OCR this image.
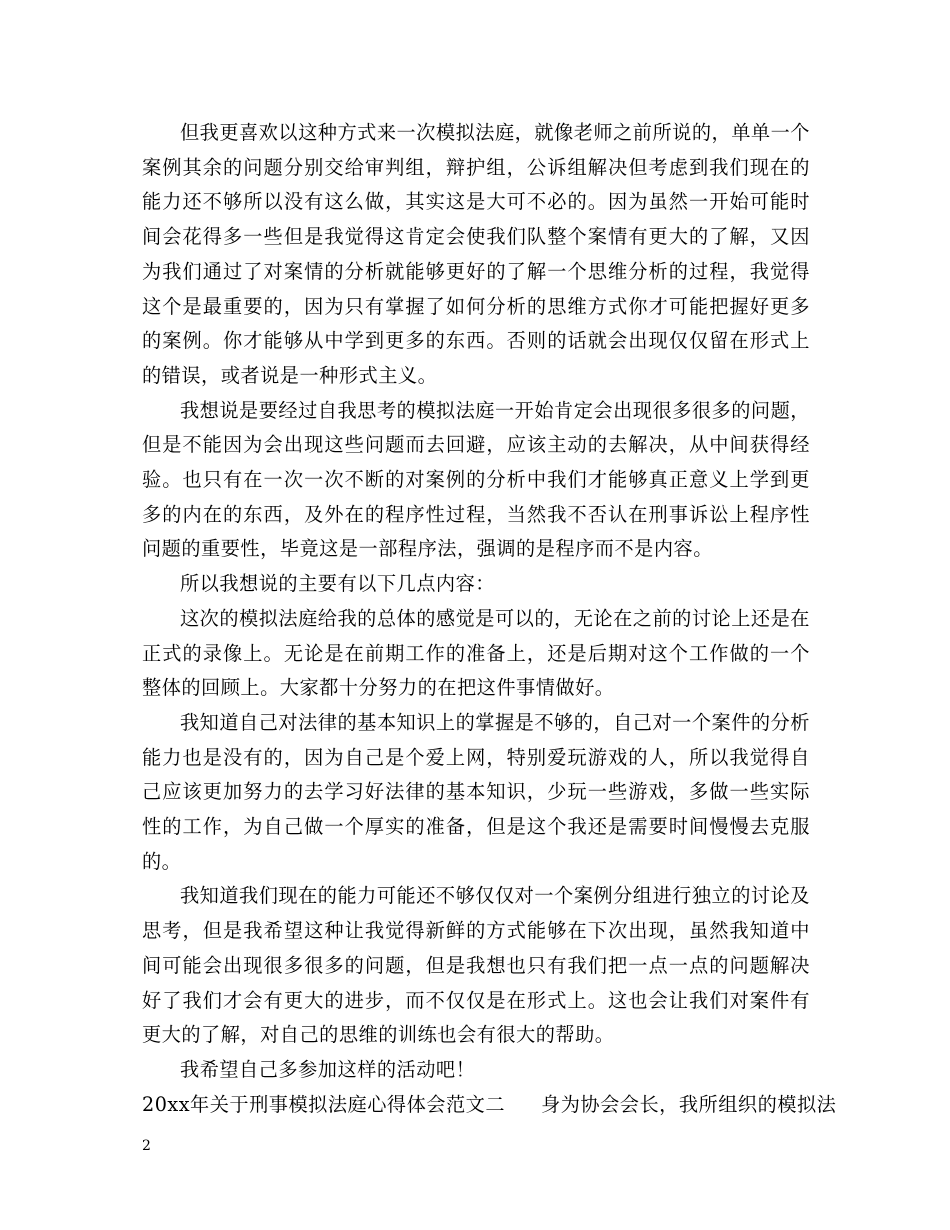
但我更喜欢以这种方式来一次模拟法庭，就像老师之前所说的，单单一个案例其余的问题分别交给审判组，辩护组，公诉组解决但考虑到我们现在的能力还不够所以没有这么做，其实这是大可不必的。因为虽然一开始可能时间会花得多一些但是我觉得这肯定会使我们队整个案情有更大的了解，又因为我们通过了对案情的分析就能够更好的了解一个思维分析的过程，我觉得这个是最重要的，因为只有掌握了如何分析的思维方式你才可能把握好更多的案例。你才能够从中学到更多的东西。否则的话就会出现仅仅留在形式上的错误，或者说是一种形式主义。

我想说是要经过自我思考的模拟法庭一开始肯定会出现很多很多的问题，但是不能因为会出现这些问题而去回避，应该主动的去解决，从中间获得经验。也只有在一次一次不断的对案例的分析中我们才能够真正意义上学到更多的内在的东西，及外在的程序性过程，当然我不否认在刑事诉讼上程序性问题的重要性，毕竟这是一部程序法，强调的是程序而不是内容。

所以我想说的主要有以下几点内容：

这次的模拟法庭给我的总体的感觉是可以的，无论在之前的讨论上还是在正式的录像上。无论是在前期工作的准备上，还是后期对这个工作做的一个整体的回顾上。大家都十分努力的在把这件事情做好。

我知道自己对法律的基本知识上的掌握是不够的，自己对一个案件的分析能力也是没有的，因为自己是个爱上网，特别爱玩游戏的人，所以我觉得自己应该更加努力的去学习好法律的基本知识，少玩一些游戏，多做一些实际性的工作，为自己做一个厚实的准备，但是这个我还是需要时间慢慢去克服的。

我知道我们现在的能力可能还不够仅仅对一个案例分组进行独立的讨论及思考，但是我希望这种让我觉得新鲜的方式能够在下次出现，虽然我知道中间可能会出现很多很多的问题，但是我想也只有我们把一点一点的问题解决好了我们才会有更大的进步，而不仅仅是在形式上。这也会让我们对案件有更大的了解，对自己的思维的训练也会有很大的帮助。

我希望自己多参加这样的活动吧！

20xx年关于刑事模拟法庭心得体会范文二 身为协会会长，我所组织的模拟法

2
